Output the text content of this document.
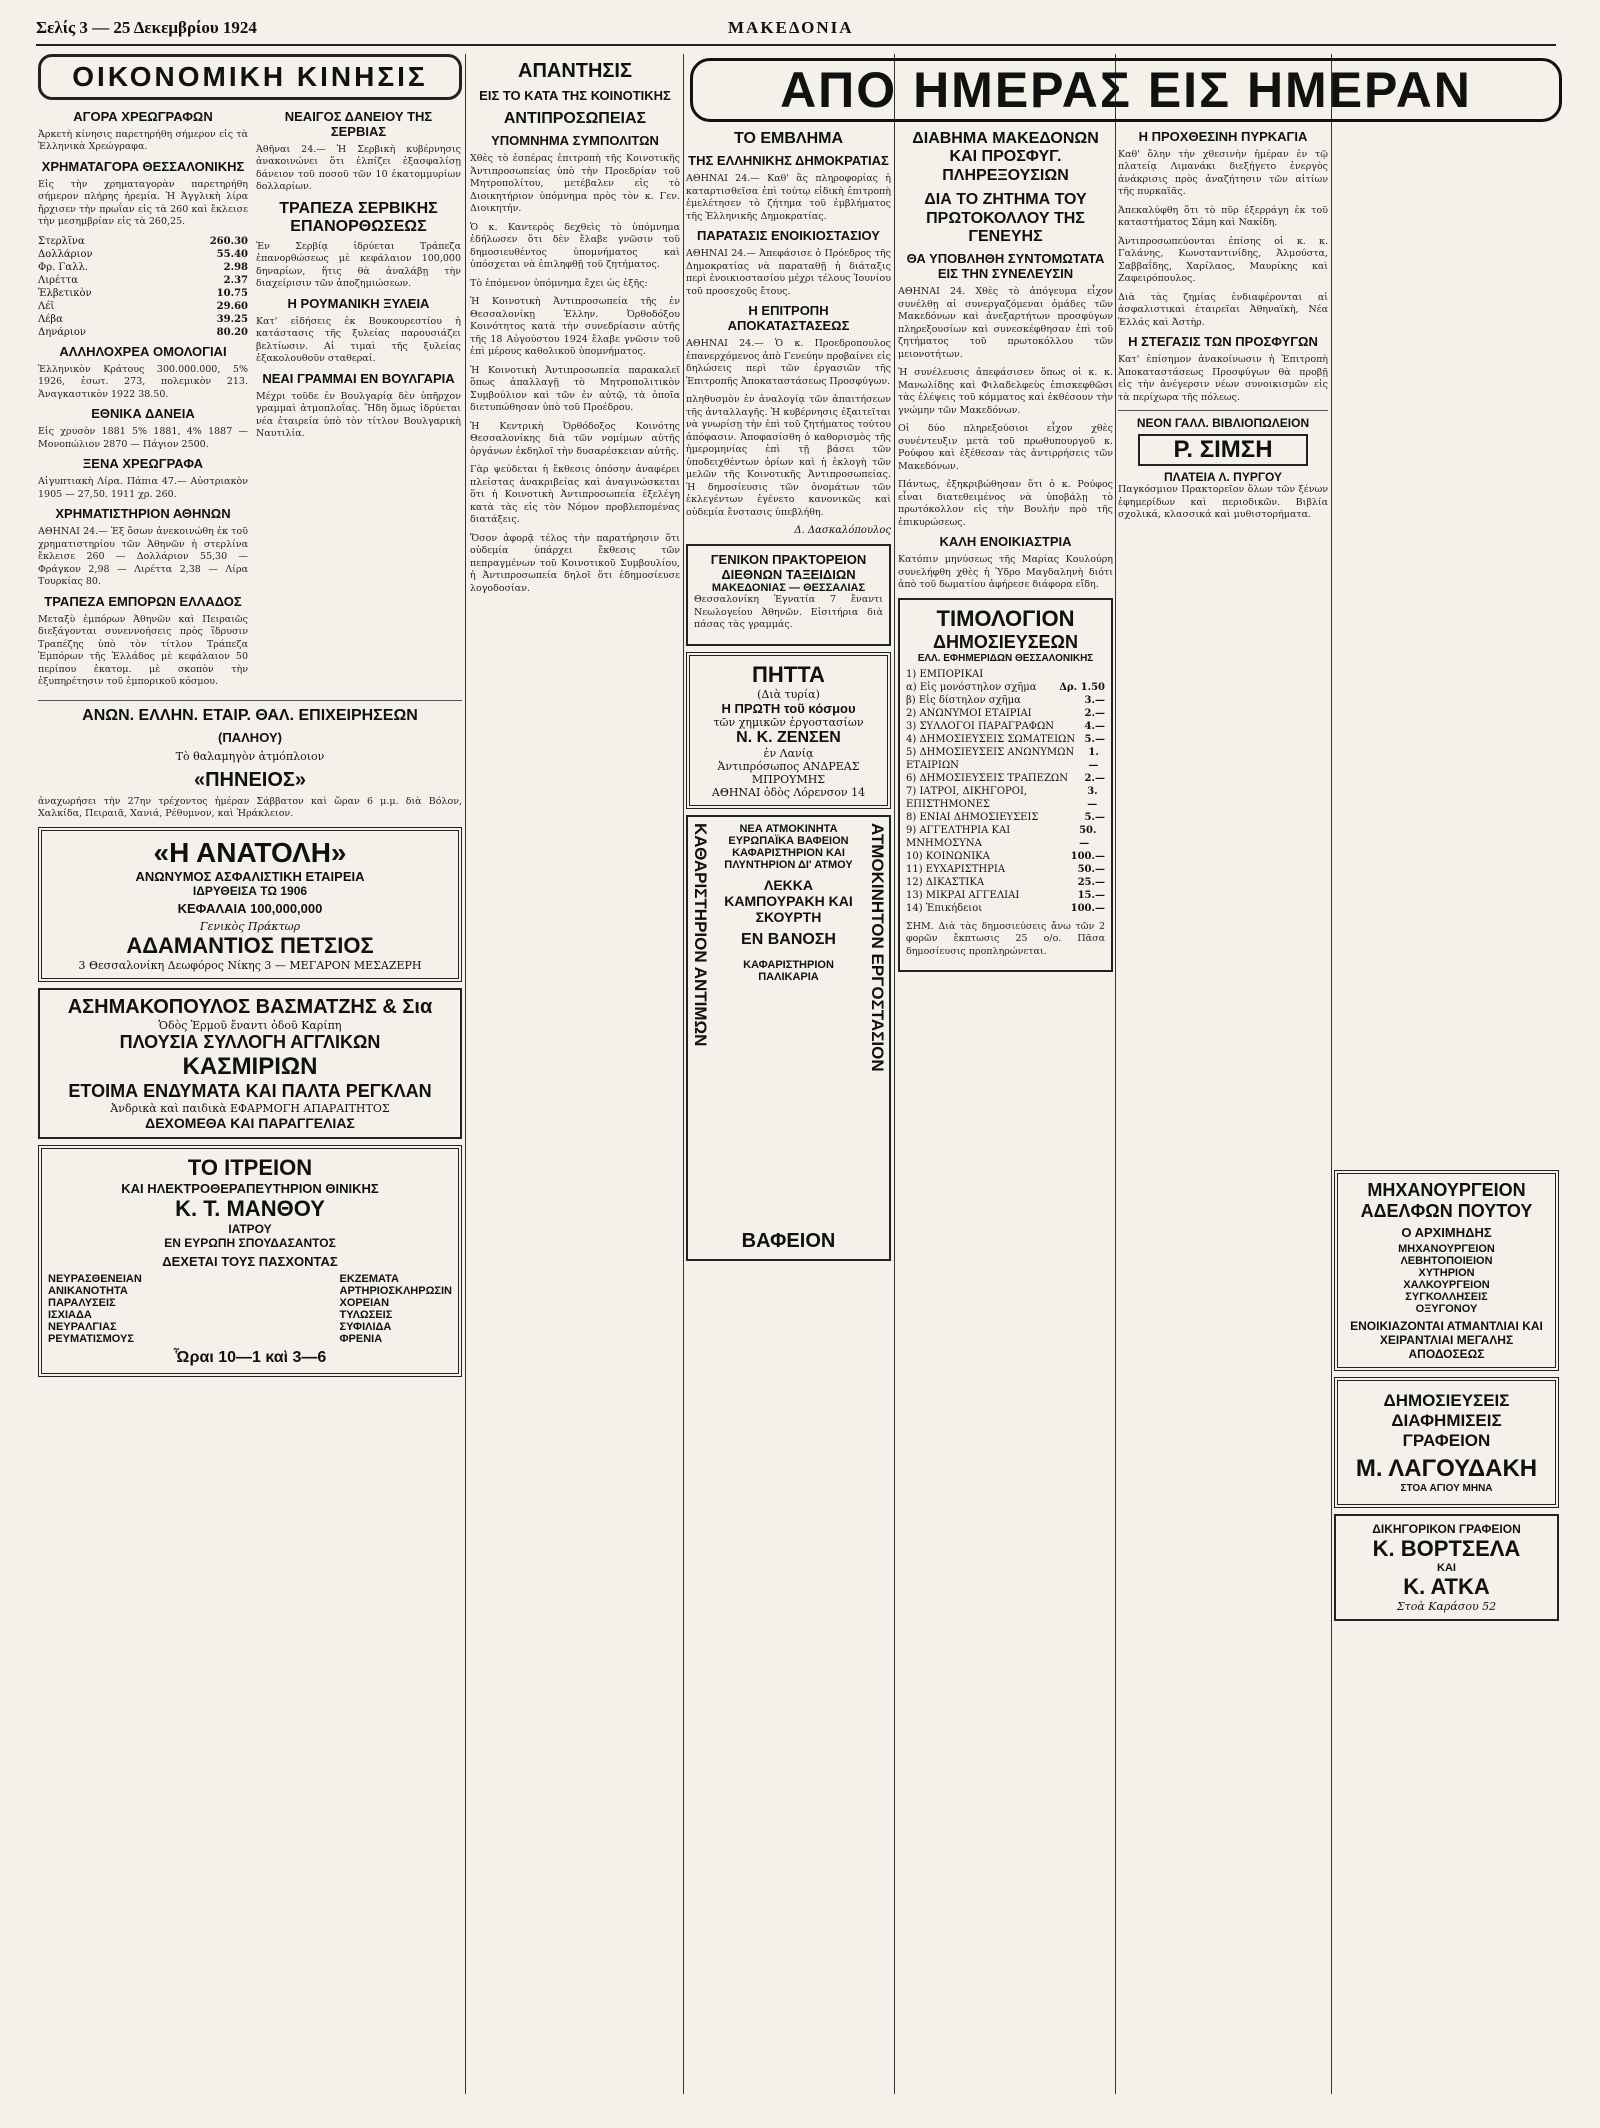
Σελίς 3 — 25 Δεκεμβρίου 1924	ΜΑΚΕΔΟΝΙΑ
ΑΠΟ ΗΜΕΡΑΣ ΕΙΣ ΗΜΕΡΑΝ
ΟΙΚΟΝΟΜΙΚΗ ΚΙΝΗΣΙΣ
ΑΓΟΡΑ ΧΡΕΩΓΡΑΦΩΝ

Ἀρκετὴ κίνησις παρετηρήθη σήμερον εἰς τὰ Ἑλληνικὰ Χρεώγραφα.

ΧΡΗΜΑΤΑΓΟΡΑ ΘΕΣΣΑΛΟΝΙΚΗΣ

Εἰς τὴν χρηματαγορὰν παρετηρήθη σήμερον πλήρης ἠρεμία. Ἡ Ἀγγλικὴ λίρα ἤρχισεν τὴν πρωΐαν εἰς τὰ 260 καὶ ἔκλεισε τὴν μεσημβρίαν εἰς τὰ 260,25.

Στερλῖνα	260.30
Δολλάριον	55.40
Φρ. Γαλλ.	2.98
Λιρέττα	2.37
Ἐλβετικὸν	10.75
Λέϊ	29.60
Λέβα	39.25
Δηνάριον	80.20
ΑΛΛΗΛΟΧΡΕΑ ΟΜΟΛΟΓΙΑΙ

Ἑλληνικὸν Κράτους 300.000.000, 5% 1926, ἐσωτ. 273, πολεμικὸν 213. Ἀναγκαστικὸν 1922 38.50.

ΕΘΝΙΚΑ ΔΑΝΕΙΑ

Εἰς χρυσὸν 1881 5% 1881, 4% 1887 — Μονοπώλιον 2870 — Πάγιον 2500.

ΞΕΝΑ ΧΡΕΩΓΡΑΦΑ

Αἰγυπτιακὴ Λίρα. Πάπια 47.— Αὐστριακὸν 1905 — 27,50. 1911 χρ. 260.

ΧΡΗΜΑΤΙΣΤΗΡΙΟΝ ΑΘΗΝΩΝ

ΑΘΗΝΑΙ 24.— Ἐξ ὅσων ἀνεκοινώθη ἐκ τοῦ χρηματιστηρίου τῶν Ἀθηνῶν ἡ στερλίνα ἔκλεισε 260 — Δολλάριον 55,30 — Φράγκον 2,98 — Λιρέττα 2,38 — Λίρα Τουρκίας 80.

ΤΡΑΠΕΖΑ ΕΜΠΟΡΩΝ ΕΛΛΑΔΟΣ

Μεταξὺ ἐμπόρων Ἀθηνῶν καὶ Πειραιῶς διεξάγονται συνεννοήσεις πρὸς ἵδρυσιν Τραπέζης ὑπὸ τὸν τίτλον Τράπεζα Ἐμπόρων τῆς Ἑλλάδος μὲ κεφάλαιον 50 περίπου ἑκατομ. μὲ σκοπὸν τὴν ἐξυπηρέτησιν τοῦ ἐμπορικοῦ κόσμου.

ΝΕΑΙΓΟΣ ΔΑΝΕΙΟΥ ΤΗΣ ΣΕΡΒΙΑΣ

Ἀθῆναι 24.— Ἡ Σερβικὴ κυβέρνησις ἀνακοινώνει ὅτι ἐλπίζει ἐξασφαλίσῃ δάνειον τοῦ ποσοῦ τῶν 10 ἑκατομμυρίων δολλαρίων.

ΤΡΑΠΕΖΑ ΣΕΡΒΙΚΗΣ ΕΠΑΝΟΡΘΩΣΕΩΣ

Ἐν Σερβίᾳ ἱδρύεται Τράπεζα ἐπανορθώσεως μὲ κεφάλαιον 100,000 δηναρίων, ἥτις θὰ ἀναλάβῃ τὴν διαχείρισιν τῶν ἀποζημιώσεων.

Η ΡΟΥΜΑΝΙΚΗ ΞΥΛΕΙΑ

Κατ' εἰδήσεις ἐκ Βουκουρεστίου ἡ κατάστασις τῆς ξυλείας παρουσιάζει βελτίωσιν. Αἱ τιμαὶ τῆς ξυλείας ἐξακολουθοῦν σταθεραί.

ΝΕΑΙ ΓΡΑΜΜΑΙ ΕΝ ΒΟΥΛΓΑΡΙΑ

Μέχρι τοῦδε ἐν Βουλγαρίᾳ δὲν ὑπῆρχον γραμμαὶ ἀτμοπλοΐας. Ἤδη ὅμως ἱδρύεται νέα ἑταιρεία ὑπὸ τὸν τίτλον Βουλγαρικὴ Ναυτιλία.

ΑΝΩΝ. ΕΛΛΗΝ. ΕΤΑΙΡ. ΘΑΛ. ΕΠΙΧΕΙΡΗΣΕΩΝ
(ΠΑΛΗΟΥ)
Τὸ θαλαμηγὸν ἀτμόπλοιον
«ΠΗΝΕΙΟΣ»

ἀναχωρήσει τὴν 27ην τρέχοντος ἡμέραν Σάββατον καὶ ὥραν 6 μ.μ. διὰ Βόλον, Χαλκίδα, Πειραιᾶ, Χανιά, Ρέθυμνον, καὶ Ἡράκλειον.

«Η ΑΝΑΤΟΛΗ»
ΑΝΩΝΥΜΟΣ ΑΣΦΑΛΙΣΤΙΚΗ ΕΤΑΙΡΕΙΑ
ΙΔΡΥΘΕΙΣΑ ΤΩ 1906
ΚΕΦΑΛΑΙΑ 100,000,000
Γενικὸς Πράκτωρ
ΑΔΑΜΑΝΤΙΟΣ ΠΕΤΣΙΟΣ
3 Θεσσαλονίκη Δεωφόρος Νίκης 3 — ΜΕΓΑΡΟΝ ΜΕΣΑΖΕΡΗ
ΑΣΗΜΑΚΟΠΟΥΛΟΣ ΒΑΣΜΑΤΖΗΣ & Σια
Ὁδὸς Ἑρμοῦ ἔναντι ὁδοῦ Καρίπη
ΠΛΟΥΣΙΑ ΣΥΛΛΟΓΗ ΑΓΓΛΙΚΩΝ
ΚΑΣΜΙΡΙΩΝ
ΕΤΟΙΜΑ ΕΝΔΥΜΑΤΑ ΚΑΙ ΠΑΛΤΑ ΡΕΓΚΛΑΝ
Ἀνδρικὰ καὶ παιδικὰ ΕΦΑΡΜΟΓΗ ΑΠΑΡΑΙΤΗΤΟΣ
ΔΕΧΟΜΕΘΑ ΚΑΙ ΠΑΡΑΓΓΕΛΙΑΣ
ΤΟ ΙΤΡΕΙΟΝ
ΚΑΙ ΗΛΕΚΤΡΟΘΕΡΑΠΕΥΤΗΡΙΟΝ ΘΙΝΙΚΗΣ
Κ. Τ. ΜΑΝΘΟΥ
ΙΑΤΡΟΥ
ΕΝ ΕΥΡΩΠΗ ΣΠΟΥΔΑΣΑΝΤΟΣ
ΔΕΧΕΤΑΙ ΤΟΥΣ ΠΑΣΧΟΝΤΑΣ
ΝΕΥΡΑΣΘΕΝΕΙΑΝ
ΑΝΙΚΑΝΟΤΗΤΑ
ΠΑΡΑΛΥΣΕΙΣ
ΙΣΧΙΑΔΑ
ΝΕΥΡΑΛΓΙΑΣ
ΡΕΥΜΑΤΙΣΜΟΥΣ
ΕΚΖΕΜΑΤΑ
ΑΡΤΗΡΙΟΣΚΛΗΡΩΣΙΝ
ΧΟΡΕΙΑΝ
ΤΥΛΩΣΕΙΣ
ΣΥΦΙΛΙΔΑ
ΦΡΕΝΙΑ
Ὧραι 10—1 καὶ 3—6
ΑΠΑΝΤΗΣΙΣ
ΕΙΣ ΤΟ ΚΑΤΑ ΤΗΣ ΚΟΙΝΟΤΙΚΗΣ
ΑΝΤΙΠΡΟΣΩΠΕΙΑΣ
ΥΠΟΜΝΗΜΑ ΣΥΜΠΟΛΙΤΩΝ

Χθὲς τὸ ἑσπέρας ἐπιτροπὴ τῆς Κοινοτικῆς Ἀντιπροσωπείας ὑπὸ τὴν Προεδρίαν τοῦ Μητροπολίτου, μετέβαλεν εἰς τὸ Διοικητήριον ὑπόμνημα πρὸς τὸν κ. Γεν. Διοικητήν.

Ὁ κ. Καντερὸς δεχθεὶς τὸ ὑπόμνημα ἐδήλωσεν ὅτι δὲν ἔλαβε γνῶσιν τοῦ δημοσιευθέντος ὑπομνήματος καὶ ὑπόσχεται νὰ ἐπιληφθῇ τοῦ ζητήματος.

Τὸ ἐπόμενον ὑπόμνημα ἔχει ὡς ἑξῆς:

Ἡ Κοινοτικὴ Ἀντιπροσωπεία τῆς ἐν Θεσσαλονίκῃ Ἑλλην. Ὀρθοδόξου Κοινότητος κατὰ τὴν συνεδρίασιν αὐτῆς τῆς 18 Αὐγούστου 1924 ἔλαβε γνῶσιν τοῦ ἐπὶ μέρους καθολικοῦ ὑπομνήματος.

Ἡ Κοινοτικὴ Ἀντιπροσωπεία παρακαλεῖ ὅπως ἀπαλλαγῇ τὸ Μητροπολιτικὸν Συμβούλιον καὶ τῶν ἐν αὐτῷ, τὰ ὁποῖα διετυπώθησαν ὑπὸ τοῦ Προέδρου.

Ἡ Κεντρικὴ Ὀρθόδοξος Κοινότης Θεσσαλονίκης διὰ τῶν νομίμων αὐτῆς ὀργάνων ἐκδηλοῖ τὴν δυσαρέσκειαν αὐτῆς.

Γὰρ ψεύδεται ἡ ἔκθεσις ὁπόσην ἀναφέρει πλείστας ἀνακριβείας καὶ ἀναγινώσκεται ὅτι ἡ Κοινοτικὴ Ἀντιπροσωπεία ἐξελέγη κατὰ τὰς εἰς τὸν Νόμον προβλεπομένας διατάξεις.

Ὅσον ἀφορᾷ τέλος τὴν παρατήρησιν ὅτι οὐδεμία ὑπάρχει ἔκθεσις τῶν πεπραγμένων τοῦ Κοινοτικοῦ Συμβουλίου, ἡ Ἀντιπροσωπεία δηλοῖ ὅτι ἐδημοσίευσε λογοδοσίαν.

ΤΟ ΕΜΒΛΗΜΑ
ΤΗΣ ΕΛΛΗΝΙΚΗΣ ΔΗΜΟΚΡΑΤΙΑΣ

ΑΘΗΝΑΙ 24.— Καθ' ἃς πληροφορίας ἡ καταρτισθεῖσα ἐπὶ τούτῳ εἰδικὴ ἐπιτροπὴ ἐμελέτησεν τὸ ζήτημα τοῦ ἐμβλήματος τῆς Ἑλληνικῆς Δημοκρατίας.

ΠΑΡΑΤΑΣΙΣ ΕΝΟΙΚΙΟΣΤΑΣΙΟΥ

ΑΘΗΝΑΙ 24.— Ἀπεφάσισε ὁ Πρόεδρος τῆς Δημοκρατίας νὰ παραταθῇ ἡ διάταξις περὶ ἐνοικιοστασίου μέχρι τέλους Ἰουνίου τοῦ προσεχοῦς ἔτους.

Η ΕΠΙΤΡΟΠΗ ΑΠΟΚΑΤΑΣΤΑΣΕΩΣ

ΑΘΗΝΑΙ 24.— Ὁ κ. Προεδροπουλος ἐπανερχόμενος ἀπὸ Γενεύην προβαίνει εἰς δηλώσεις περὶ τῶν ἐργασιῶν τῆς Ἐπιτροπῆς Ἀποκαταστάσεως Προσφύγων.

πληθυσμὸν ἐν ἀναλογίᾳ τῶν ἀπαιτήσεων τῆς ἀνταλλαγῆς. Ἡ κυβέρνησις ἐξαιτεῖται νὰ γνωρίσῃ τὴν ἐπὶ τοῦ ζητήματος τούτου ἀπόφασιν. Ἀποφασίσθη ὁ καθορισμὸς τῆς ἡμερομηνίας ἐπὶ τῇ βάσει τῶν ὑποδειχθέντων ὁρίων καὶ ἡ ἐκλογὴ τῶν μελῶν τῆς Κοινοτικῆς Ἀντιπροσωπείας. Ἡ δημοσίευσις τῶν ὀνομάτων τῶν ἐκλεγέντων ἐγένετο κανονικῶς καὶ οὐδεμία ἔνστασις ὑπεβλήθη.

Δ. Δασκαλόπουλος
ΓΕΝΙΚΟΝ ΠΡΑΚΤΟΡΕΙΟΝ
ΔΙΕΘΝΩΝ ΤΑΞΕΙΔΙΩΝ
ΜΑΚΕΔΟΝΙΑΣ — ΘΕΣΣΑΛΙΑΣ

Θεσσαλονίκη Ἐγνατία 7 ἔναντι Νεωλογείου Ἀθηνῶν. Εἰσιτήρια διὰ πάσας τὰς γραμμάς.

ΠΗΤΤΑ
(Διὰ τυρία)
Η ΠΡΩΤΗ τοῦ κόσμου
τῶν χημικῶν ἐργοστασίων
Ν. Κ. ΖΕΝΣΕΝ
ἐν Λανίᾳ
Ἀντιπρόσωπος ΑΝΔΡΕΑΣ ΜΠΡΟΥΜΗΣ
ΑΘΗΝΑΙ ὁδὸς Λόρενσον 14
ΚΑΘΑΡΙΣΤΗΡΙΟΝ ΑΝΤΙΜΩΝ	ΑΤΜΟΚΙΝΗΤΟΝ ΕΡΓΟΣΤΑΣΙΟΝ
ΝΕΑ ΑΤΜΟΚΙΝΗΤΑ ΕΥΡΩΠΑΪΚΑ ΒΑΦΕΙΟΝ ΚΑΦΑΡΙΣΤΗΡΙΟΝ ΚΑΙ ΠΛΥΝΤΗΡΙΟΝ ΔΙ' ΑΤΜΟΥ
ΛΕΚΚΑ ΚΑΜΠΟΥΡΑΚΗ ΚΑΙ ΣΚΟΥΡΤΗ
ΕΝ ΒΑΝΟΣΗ
ΚΑΦΑΡΙΣΤΗΡΙΟΝ ΠΑΛΙΚΑΡΙΑ
ΒΑΦΕΙΟΝ
ΔΙΑΒΗΜΑ ΜΑΚΕΔΟΝΩΝ ΚΑΙ ΠΡΟΣΦΥΓ. ΠΛΗΡΕΞΟΥΣΙΩΝ
ΔΙΑ ΤΟ ΖΗΤΗΜΑ ΤΟΥ ΠΡΩΤΟΚΟΛΛΟΥ ΤΗΣ ΓΕΝΕΥΗΣ
ΘΑ ΥΠΟΒΛΗΘΗ ΣΥΝΤΟΜΩΤΑΤΑ ΕΙΣ ΤΗΝ ΣΥΝΕΛΕΥΣΙΝ

ΑΘΗΝΑΙ 24. Χθὲς τὸ ἀπόγευμα εἶχον συνέλθῃ αἱ συνεργαζόμεναι ὁμάδες τῶν Μακεδόνων καὶ ἀνεξαρτήτων προσφύγων πληρεξουσίων καὶ συνεσκέφθησαν ἐπὶ τοῦ ζητήματος τοῦ πρωτοκόλλου τῶν μειονοτήτων.

Ἡ συνέλευσις ἀπεφάσισεν ὅπως οἱ κ. κ. Μανωλίδης καὶ Φιλαδελφεὺς ἐπισκεφθῶσι τὰς ἐλέψεις τοῦ κόμματος καὶ ἐκθέσουν τὴν γνώμην τῶν Μακεδόνων.

Οἱ δύο πληρεξούσιοι εἶχον χθὲς συνέντευξιν μετὰ τοῦ πρωθυπουργοῦ κ. Ρούφου καὶ ἐξέθεσαν τὰς ἀντιρρήσεις τῶν Μακεδόνων.

Πάντως, ἐξηκριβώθησαν ὅτι ὁ κ. Ρούφος εἶναι διατεθειμένος νὰ ὑποβάλῃ τὸ πρωτόκολλον εἰς τὴν Βουλήν πρὸ τῆς ἐπικυρώσεως.

ΚΑΛΗ ΕΝΟΙΚΙΑΣΤΡΙΑ

Κατόπιν μηνύσεως τῆς Μαρίας Κουλούρη συνελήφθη χθὲς ἡ Ὑδρο Μαγδαληνὴ διότι ἀπὸ τοῦ δωματίου ἀφήρεσε διάφορα εἴδη.

ΤΙΜΟΛΟΓΙΟΝ
ΔΗΜΟΣΙΕΥΣΕΩΝ
ΕΛΛ. ΕΦΗΜΕΡΙΔΩΝ ΘΕΣΣΑΛΟΝΙΚΗΣ
1) ΕΜΠΟΡΙΚΑΙ
α) Εἰς μονόστηλον σχῆμα Δρ. 1.50
β) Εἰς δίστηλον σχῆμα	3.—
2) ΑΝΩΝΥΜΟΙ ΕΤΑΙΡΙΑΙ	2.—
3) ΣΥΛΛΟΓΟΙ ΠΑΡΑΓΡΑΦΩΝ	4.—
4) ΔΗΜΟΣΙΕΥΣΕΙΣ ΣΩΜΑΤΕΙΩΝ 5.—
5) ΔΗΜΟΣΙΕΥΣΕΙΣ ΑΝΩΝΥΜΩΝ ΕΤΑΙΡΙΩΝ
1.—
6) ΔΗΜΟΣΙΕΥΣΕΙΣ ΤΡΑΠΕΖΩΝ 2.—
7) ΙΑΤΡΟΙ, ΔΙΚΗΓΟΡΟΙ, ΕΠΙΣΤΗΜΟΝΕΣ
3.—
8) ΕΝΙΑΙ ΔΗΜΟΣΙΕΥΣΕΙΣ	5.—
9) ΑΓΓΕΛΤΗΡΙΑ ΚΑΙ ΜΝΗΜΟΣΥΝΑ
50.—
10) ΚΟΙΝΩΝΙΚΑ	100.—
11) ΕΥΧΑΡΙΣΤΗΡΙΑ	50.—
12) ΔΙΚΑΣΤΙΚΑ	25.—
13) ΜΙΚΡΑΙ ΑΓΓΕΛΙΑΙ	15.—
14) Ἐπικήδειοι	100.—

ΣΗΜ. Διὰ τὰς δημοσιεύσεις ἄνω τῶν 2 φορῶν ἔκπτωσις 25 ο/ο. Πᾶσα δημοσίευσις προπληρώνεται.

Η ΠΡΟΧΘΕΣΙΝΗ ΠΥΡΚΑΓΙΑ

Καθ' ὅλην τὴν χθεσινὴν ἡμέραν ἐν τῷ πλατείᾳ Λιμανάκι διεξήγετο ἐνεργὸς ἀνάκρισις πρὸς ἀναζήτησιν τῶν αἰτίων τῆς πυρκαϊᾶς.

Ἀπεκαλύφθη ὅτι τὸ πῦρ ἐξερράγη ἐκ τοῦ καταστήματος Σάμη καὶ Νακίδη.

Ἀντιπροσωπεύονται ἐπίσης οἱ κ. κ. Γαλάνης, Κωνσταντινίδης, Ἀλμούστα, Σαββαΐδης, Χαρίλαος, Μαυρίκης καὶ Ζαφειρόπουλος.

Διὰ τὰς ζημίας ἐνδιαφέρονται αἱ ἀσφαλιστικαὶ ἑταιρεῖαι Ἀθηναϊκὴ, Νέα Ἑλλάς καὶ Ἀστὴρ.

Η ΣΤΕΓΑΣΙΣ ΤΩΝ ΠΡΟΣΦΥΓΩΝ

Κατ' ἐπίσημον ἀνακοίνωσιν ἡ Ἐπιτροπὴ Ἀποκαταστάσεως Προσφύγων θὰ προβῇ εἰς τὴν ἀνέγερσιν νέων συνοικισμῶν εἰς τὰ περίχωρα τῆς πόλεως.

ΝΕΟΝ ΓΑΛΛ. ΒΙΒΛΙΟΠΩΛΕΙΟΝ
Ρ. ΣΙΜΣΗ
ΠΛΑΤΕΙΑ Λ. ΠΥΡΓΟΥ

Παγκόσμιον Πρακτορεῖον ὅλων τῶν ξένων ἐφημερίδων καὶ περιοδικῶν. Βιβλία σχολικά, κλασσικά καὶ μυθιστορήματα.

ΜΗΧΑΝΟΥΡΓΕΙΟΝ
ΑΔΕΛΦΩΝ ΠΟΥΤΟΥ
Ο ΑΡΧΙΜΗΔΗΣ
ΜΗΧΑΝΟΥΡΓΕΙΟΝ
ΛΕΒΗΤΟΠΟΙΕΙΟΝ
ΧΥΤΗΡΙΟΝ
ΧΑΛΚΟΥΡΓΕΙΟΝ
ΣΥΓΚΟΛΛΗΣΕΙΣ
ΟΞΥΓΟΝΟΥ
ΕΝΟΙΚΙΑΖΟΝΤΑΙ ΑΤΜΑΝΤΛΙΑΙ ΚΑΙ ΧΕΙΡΑΝΤΛΙΑΙ ΜΕΓΑΛΗΣ ΑΠΟΔΟΣΕΩΣ
ΔΗΜΟΣΙΕΥΣΕΙΣ
ΔΙΑΦΗΜΙΣΕΙΣ
ΓΡΑΦΕΙΟΝ
Μ. ΛΑΓΟΥΔΑΚΗ
ΣΤΟΑ ΑΓΙΟΥ ΜΗΝΑ
ΔΙΚΗΓΟΡΙΚΟΝ ΓΡΑΦΕΙΟΝ
Κ. ΒΟΡΤΣΕΛΑ
ΚΑΙ
Κ. ΑΤΚΑ
Στοὰ Καράσου 52
